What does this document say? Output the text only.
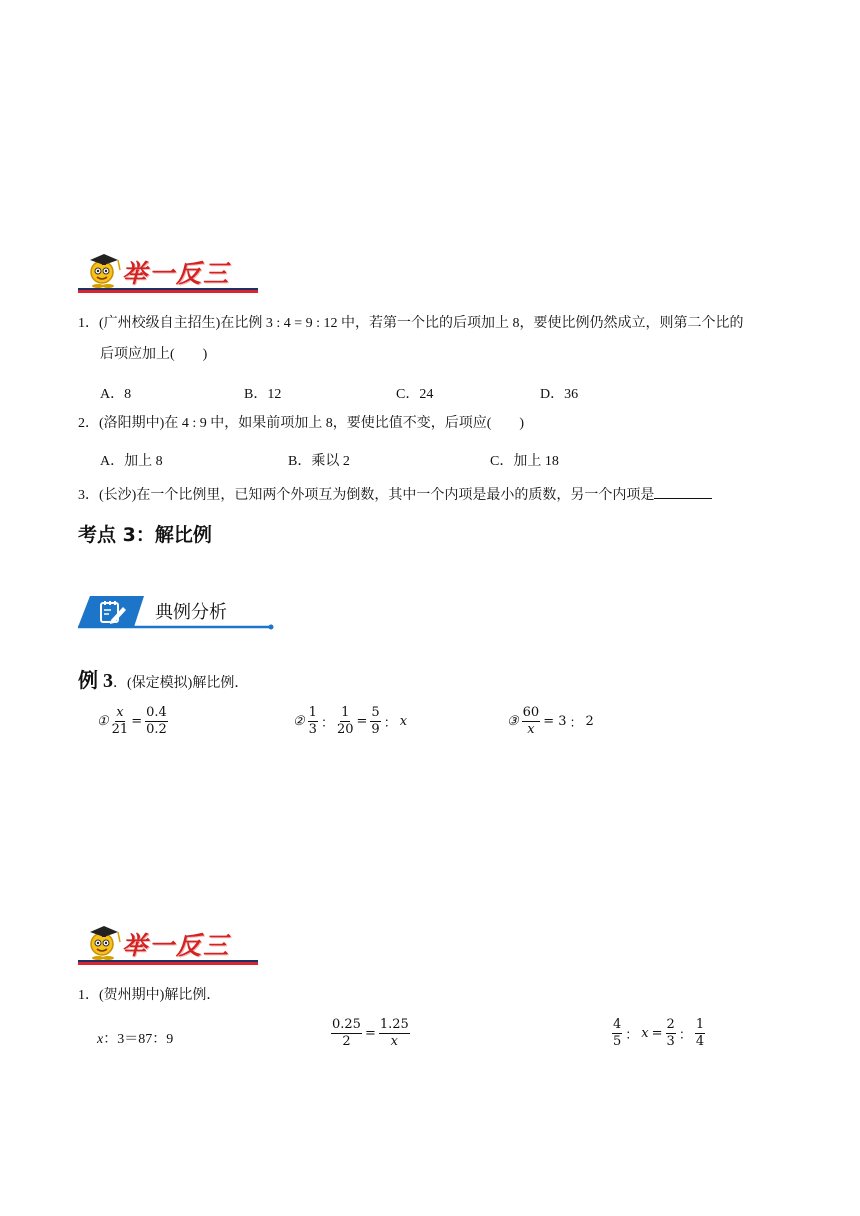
举一反三
1．(广州校级自主招生)在比例 3 : 4 = 9 : 12 中，若第一个比的后项加上 8，要使比例仍然成立，则第二个比的
后项应加上(　　)
A．8	B．12	C．24	D．36
2．(洛阳期中)在 4 : 9 中，如果前项加上 8，要使比值不变，后项应(　　)
A．加上 8	B．乘以 2	C．加上 18
3．(长沙)在一个比例里，已知两个外项互为倒数，其中一个内项是最小的质数，另一个内项是
考点 3：解比例
典例分析
例 3．(保定模拟)解比例．
① $\frac{x}{21} = \frac{0.4}{0.2}$	② $\frac{1}{3}$ ： $\frac{1}{20} = \frac{5}{9}$ ： x	③ $\frac{60}{x} = 3$ ： 2
举一反三
1．(贺州期中)解比例．
x：3＝87：9	$\frac{0.25}{2} = \frac{1.25}{x}$	$\frac{4}{5}$ ： $x = \frac{2}{3}$ ： $\frac{1}{4}$
